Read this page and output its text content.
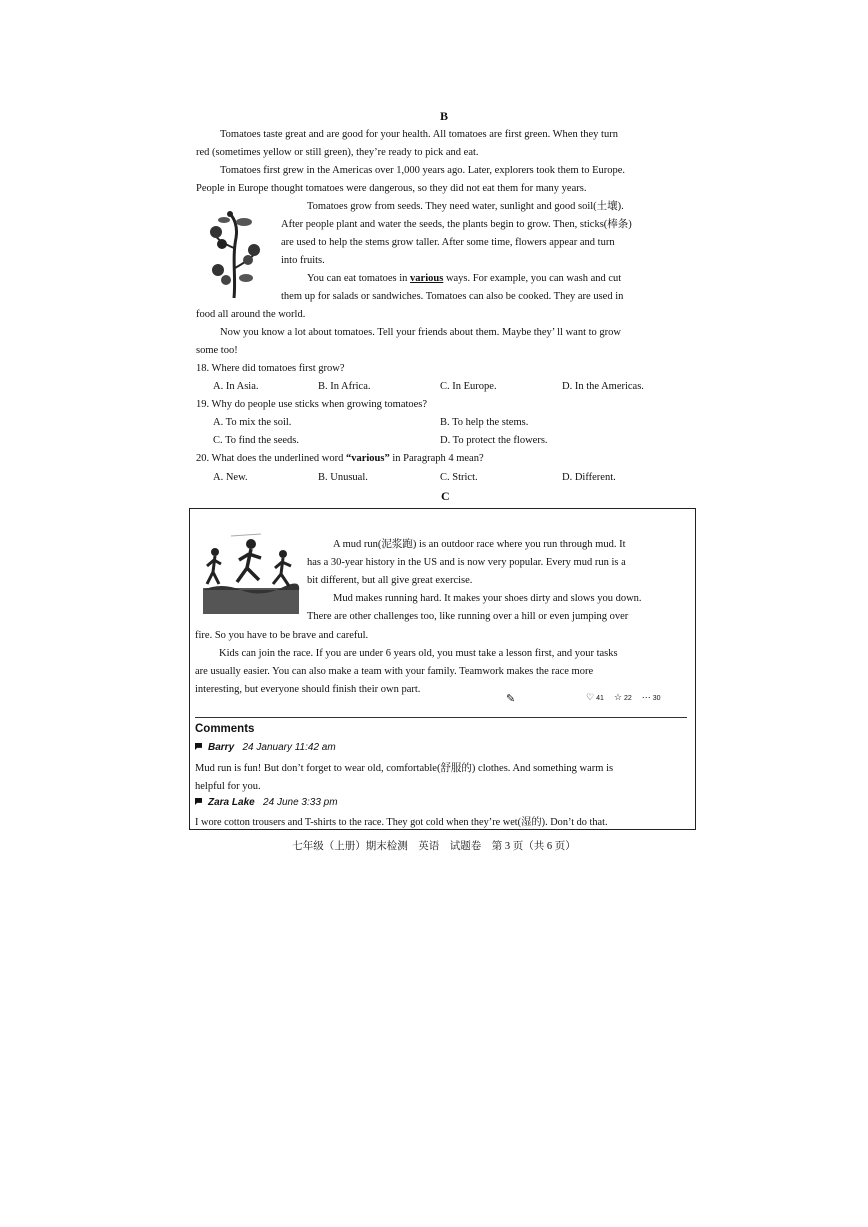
B
Tomatoes taste great and are good for your health. All tomatoes are first green. When they turn

red (sometimes yellow or still green), they’re ready to pick and eat.
Tomatoes first grew in the Americas over 1,000 years ago. Later, explorers took them to Europe.
People in Europe thought tomatoes were dangerous, so they did not eat them for many years.
Tomatoes grow from seeds. They need water, sunlight and good soil(土壤).
After people plant and water the seeds, the plants begin to grow. Then, sticks(棒条)
are used to help the stems grow taller. After some time, flowers appear and turn
into fruits.
You can eat tomatoes in various ways. For example, you can wash and cut
them up for salads or sandwiches. Tomatoes can also be cooked. They are used in
food all around the world.
Now you know a lot about tomatoes. Tell your friends about them. Maybe they’ ll want to grow
some too!
18. Where did tomatoes first grow?
A. In Asia.	B. In Africa.	C. In Europe.	D. In the Americas.
19. Why do people use sticks when growing tomatoes?
A. To mix the soil.	B. To help the stems.
C. To find the seeds.	D. To protect the flowers.
20. What does the underlined word “various” in Paragraph 4 mean?
A. New.	B. Unusual.	C. Strict.	D. Different.
C
A mud run(泥浆跑) is an outdoor race where you run through mud. It
has a 30-year history in the US and is now very popular. Every mud run is a
bit different, but all give great exercise.
Mud makes running hard. It makes your shoes dirty and slows you down.
There are other challenges too, like running over a hill or even jumping over
fire. So you have to be brave and careful.
Kids can join the race. If you are under 6 years old, you must take a lesson first, and your tasks
are usually easier. You can also make a team with your family. Teamwork makes the race more
interesting, but everyone should finish their own part.
✎	♡ 41 ☆ 22 ⋯ 30
Comments
Barry 24 January 11:42 am
Mud run is fun! But don’t forget to wear old, comfortable(舒服的) clothes. And something warm is
helpful for you.
Zara Lake 24 June 3:33 pm
I wore cotton trousers and T-shirts to the race. They got cold when they’re wet(湿的). Don’t do that.
七年级（上册）期末检测　英语　试题卷　第 3 页（共 6 页）
